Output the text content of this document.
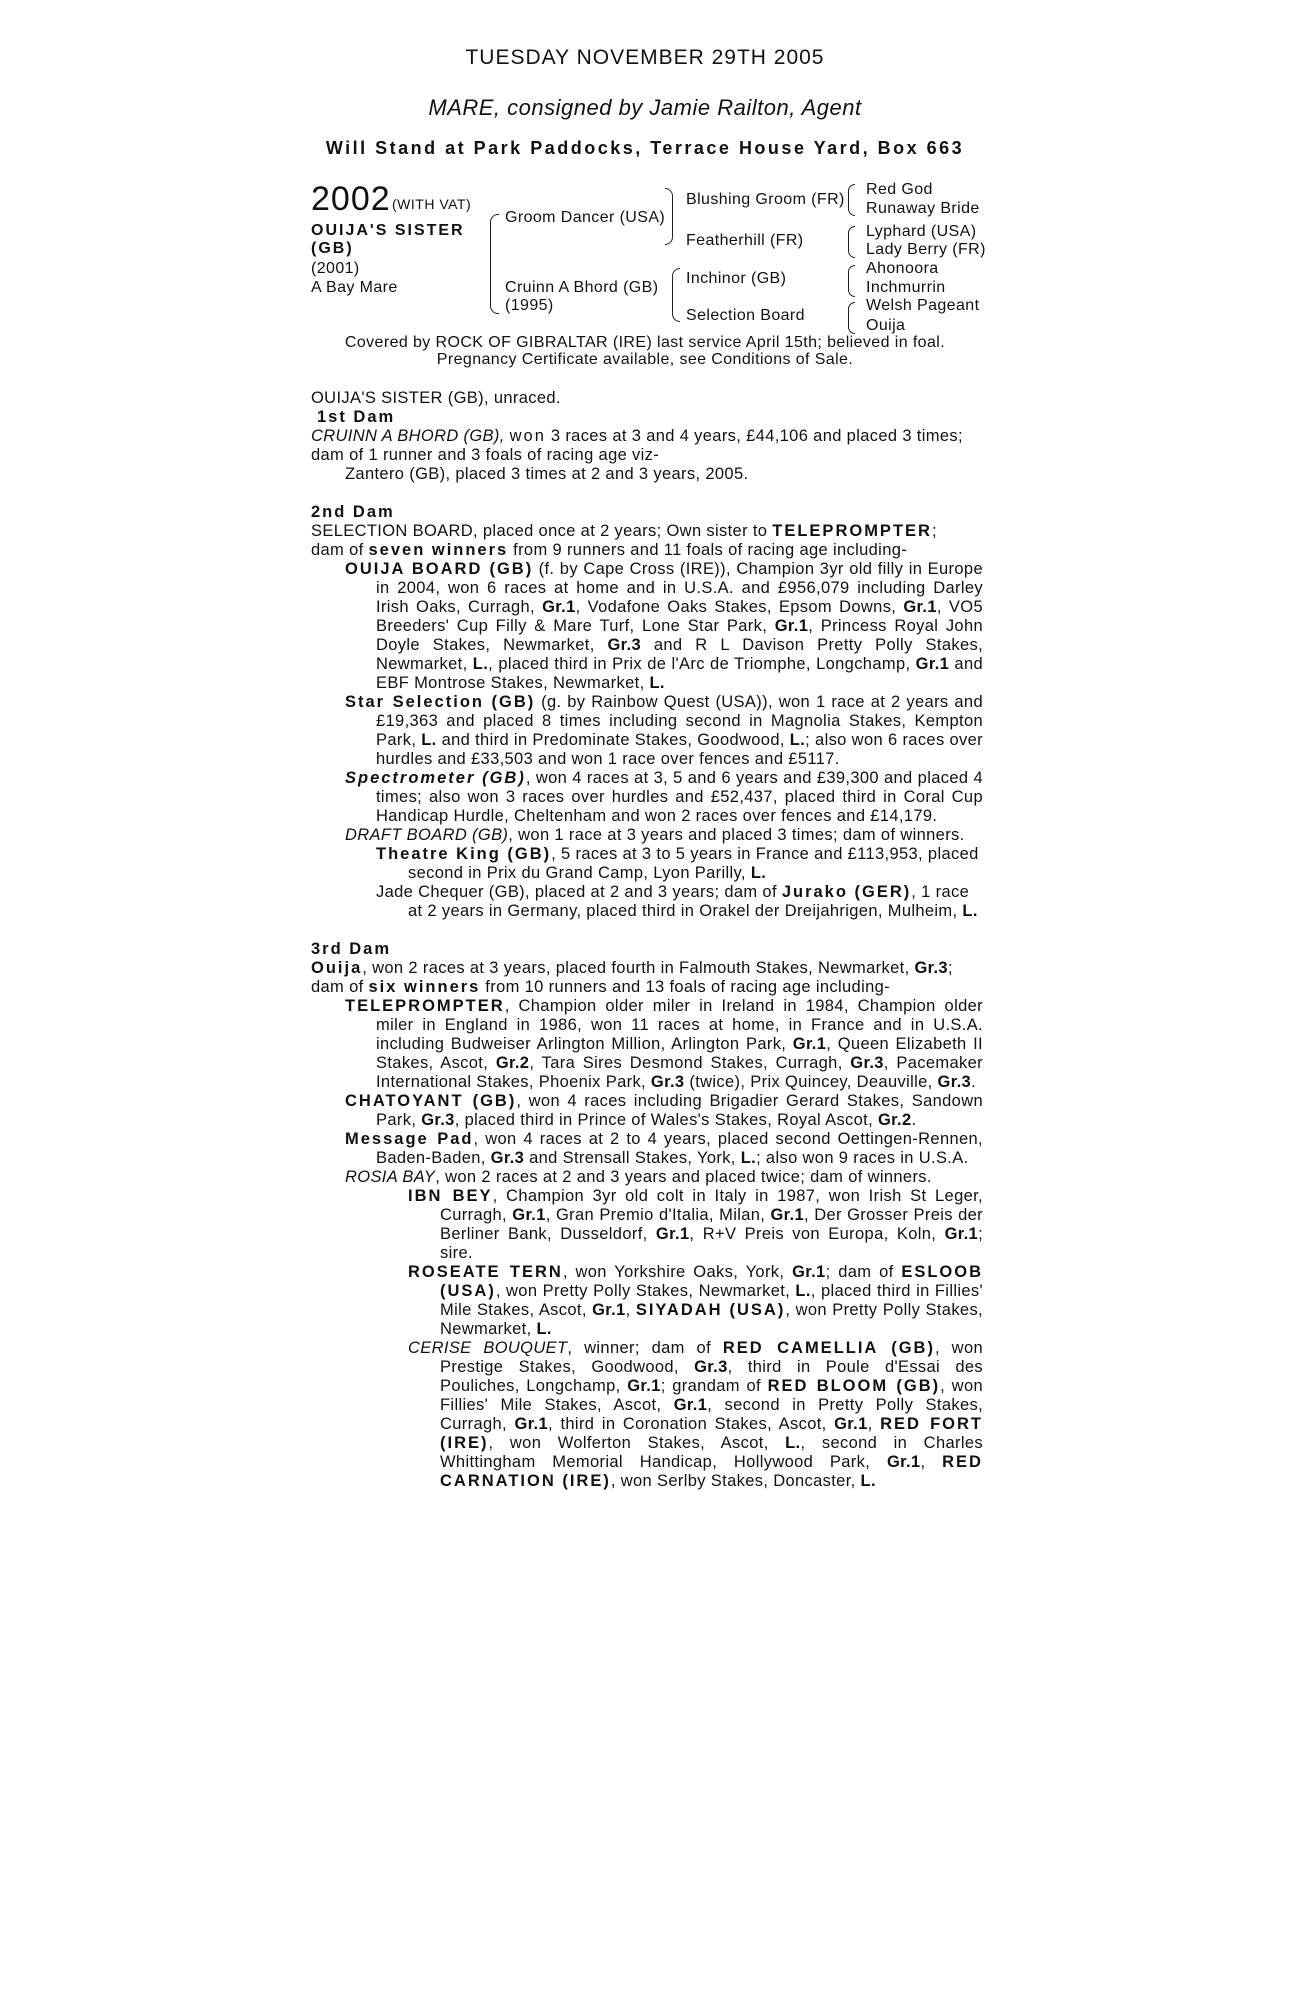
TUESDAY NOVEMBER 29TH 2005
MARE, consigned by Jamie Railton, Agent
Will Stand at Park Paddocks, Terrace House Yard, Box 663
2002 (WITH VAT)
OUIJA'S SISTER
(GB)
(2001)
A Bay Mare
Groom Dancer (USA)
Cruinn A Bhord (GB)
(1995)
Blushing Groom (FR)
Featherhill (FR)
Inchinor (GB)
Selection Board
Red God
Runaway Bride
Lyphard (USA)
Lady Berry (FR)
Ahonoora
Inchmurrin
Welsh Pageant
Ouija
Covered by ROCK OF GIBRALTAR (IRE) last service April 15th; believed in foal.
Pregnancy Certificate available, see Conditions of Sale.

OUIJA'S SISTER (GB), unraced.

1st Dam

CRUINN A BHORD (GB), won 3 races at 3 and 4 years, £44,106 and placed 3 times; dam of 1 runner and 3 foals of racing age viz-

Zantero (GB), placed 3 times at 2 and 3 years, 2005.

2nd Dam

SELECTION BOARD, placed once at 2 years; Own sister to TELEPROMPTER;

dam of seven winners from 9 runners and 11 foals of racing age including-

OUIJA BOARD (GB) (f. by Cape Cross (IRE)), Champion 3yr old filly in Europe in 2004, won 6 races at home and in U.S.A. and £956,079 including Darley Irish Oaks, Curragh, Gr.1, Vodafone Oaks Stakes, Epsom Downs, Gr.1, VO5 Breeders' Cup Filly & Mare Turf, Lone Star Park, Gr.1, Princess Royal John Doyle Stakes, Newmarket, Gr.3 and R L Davison Pretty Polly Stakes, Newmarket, L., placed third in Prix de l'Arc de Triomphe, Longchamp, Gr.1 and EBF Montrose Stakes, Newmarket, L.

Star Selection (GB) (g. by Rainbow Quest (USA)), won 1 race at 2 years and £19,363 and placed 8 times including second in Magnolia Stakes, Kempton Park, L. and third in Predominate Stakes, Goodwood, L.; also won 6 races over hurdles and £33,503 and won 1 race over fences and £5117.

Spectrometer (GB), won 4 races at 3, 5 and 6 years and £39,300 and placed 4 times; also won 3 races over hurdles and £52,437, placed third in Coral Cup Handicap Hurdle, Cheltenham and won 2 races over fences and £14,179.

DRAFT BOARD (GB), won 1 race at 3 years and placed 3 times; dam of winners.

Theatre King (GB), 5 races at 3 to 5 years in France and £113,953, placed second in Prix du Grand Camp, Lyon Parilly, L.

Jade Chequer (GB), placed at 2 and 3 years; dam of Jurako (GER), 1 race at 2 years in Germany, placed third in Orakel der Dreijahrigen, Mulheim, L.

3rd Dam

Ouija, won 2 races at 3 years, placed fourth in Falmouth Stakes, Newmarket, Gr.3;

dam of six winners from 10 runners and 13 foals of racing age including-

TELEPROMPTER, Champion older miler in Ireland in 1984, Champion older miler in England in 1986, won 11 races at home, in France and in U.S.A. including Budweiser Arlington Million, Arlington Park, Gr.1, Queen Elizabeth II Stakes, Ascot, Gr.2, Tara Sires Desmond Stakes, Curragh, Gr.3, Pacemaker International Stakes, Phoenix Park, Gr.3 (twice), Prix Quincey, Deauville, Gr.3.

CHATOYANT (GB), won 4 races including Brigadier Gerard Stakes, Sandown Park, Gr.3, placed third in Prince of Wales's Stakes, Royal Ascot, Gr.2.

Message Pad, won 4 races at 2 to 4 years, placed second Oettingen-Rennen, Baden-Baden, Gr.3 and Strensall Stakes, York, L.; also won 9 races in U.S.A.

ROSIA BAY, won 2 races at 2 and 3 years and placed twice; dam of winners.

IBN BEY, Champion 3yr old colt in Italy in 1987, won Irish St Leger, Curragh, Gr.1, Gran Premio d'Italia, Milan, Gr.1, Der Grosser Preis der Berliner Bank, Dusseldorf, Gr.1, R+V Preis von Europa, Koln, Gr.1; sire.

ROSEATE TERN, won Yorkshire Oaks, York, Gr.1; dam of ESLOOB (USA), won Pretty Polly Stakes, Newmarket, L., placed third in Fillies' Mile Stakes, Ascot, Gr.1, SIYADAH (USA), won Pretty Polly Stakes, Newmarket, L.

CERISE BOUQUET, winner; dam of RED CAMELLIA (GB), won Prestige Stakes, Goodwood, Gr.3, third in Poule d'Essai des Pouliches, Longchamp, Gr.1; grandam of RED BLOOM (GB), won Fillies' Mile Stakes, Ascot, Gr.1, second in Pretty Polly Stakes, Curragh, Gr.1, third in Coronation Stakes, Ascot, Gr.1, RED FORT (IRE), won Wolferton Stakes, Ascot, L., second in Charles Whittingham Memorial Handicap, Hollywood Park, Gr.1, RED CARNATION (IRE), won Serlby Stakes, Doncaster, L.
